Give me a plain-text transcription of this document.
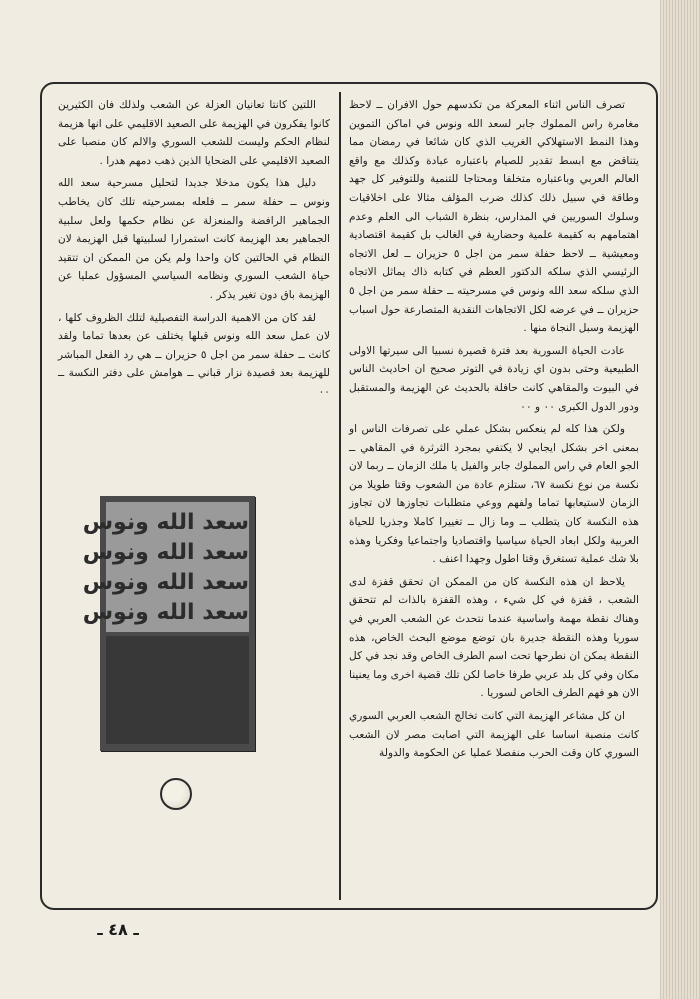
تصرف الناس اثناء المعركة من تكدسهم حول الافران ــ لاحظ مغامرة راس المملوك جابر لسعد الله ونوس في اماكن التموين وهذا النمط الاستهلاكي الغريب الذي كان شائعا في رمضان مما يتناقض مع ابسط تقدير للصيام باعتباره عبادة وكذلك مع واقع العالم العربي وباعتباره متخلفا ومحتاجا للتنمية وللتوفير كل جهد وطاقة في سبيل ذلك كذلك ضرب المؤلف مثالا على اخلاقيات وسلوك السوريين في المدارس، بنظرة الشباب الى العلم وعدم اهتمامهم به كقيمة علمية وحضارية في الغالب بل كقيمة اقتصادية ومعيشية ــ لاحظ حفلة سمر من اجل ٥ حزيران ــ لعل الاتجاه الرئيسي الذي سلكه الدكتور العظم في كتابه ذاك يماثل الاتجاه الذي سلكه سعد الله ونوس في مسرحيته ــ حفلة سمر من اجل ٥ حزيران ــ في عرضه لكل الاتجاهات النقدية المتصارعة حول اسباب الهزيمة وسبل النجاة منها .

عادت الحياة السورية بعد فترة قصيرة نسبيا الى سيرتها الاولى الطبيعية وحتى بدون اي زيادة في التوتر صحيح ان احاديث الناس في البيوت والمقاهي كانت حافلة بالحديث عن الهزيمة والمستقبل ودور الدول الكبرى ٠٠ و ٠٠

ولكن هذا كله لم ينعكس بشكل عملي على تصرفات الناس او بمعنى اخر بشكل ايجابي لا يكتفي بمجرد الثرثرة في المقاهي ــ الجو العام في راس المملوك جابر والفيل يا ملك الزمان ــ ربما لان نكسة من نوع نكسة ٦٧، ستلزم عادة من الشعوب وقتا طويلا من الزمان لاستيعابها تماما ولفهم ووعي متطلبات تجاوزها لان تجاوز هذه النكسة كان يتطلب ــ وما زال ــ تغييرا كاملا وجذريا للحياة العربية ولكل ابعاد الحياة سياسيا واقتصاديا واجتماعيا وفكريا وهذه بلا شك عملية تستغرق وقتا اطول وجهدا اعنف .

يلاحظ ان هذه النكسة كان من الممكن ان تحقق قفزة لدى الشعب ، قفزة في كل شيء ، وهذه القفزة بالذات لم تتحقق وهناك نقطة مهمة واساسية عندما نتحدث عن الشعب العربي في سوريا وهذه النقطة جديرة بان توضع موضع البحث الخاص، هذه النقطة يمكن ان نطرحها تحت اسم الطرف الخاص وقد نجد في كل مكان وفي كل بلد عربي طرفا خاصا لكن تلك قضية اخرى وما يعنينا الان هو فهم الطرف الخاص لسوريا .

ان كل مشاعر الهزيمة التي كانت تخالج الشعب العربي السوري كانت منصبة اساسا على الهزيمة التي اصابت مصر لان الشعب السوري كان وقت الحرب منفصلا عمليا عن الحكومة والدولة

اللتين كانتا تعانيان العزلة عن الشعب ولذلك فان الكثيرين كانوا يفكرون في الهزيمة على الصعيد الاقليمي على انها هزيمة لنظام الحكم وليست للشعب السوري والالم كان منصبا على الصعيد الاقليمي على الضحايا الذين ذهب دمهم هدرا .

دليل هذا يكون مدخلا جديدا لتحليل مسرحية سعد الله ونوس ــ حفلة سمر ــ فلعله بمسرحيته تلك كان يخاطب الجماهير الرافضة والمنعزلة عن نظام حكمها ولعل سلبية الجماهير بعد الهزيمة كانت استمرارا لسلبيتها قبل الهزيمة لان النظام في الحالتين كان واحدا ولم يكن من الممكن ان تتقيد حياة الشعب السوري ونظامه السياسي المسؤول عمليا عن الهزيمة باق دون تغير يذكر .

لقد كان من الاهمية الدراسة التفصيلية لتلك الظروف كلها ، لان عمل سعد الله ونوس قبلها يختلف عن بعدها تماما ولقد كانت ــ حفلة سمر من اجل ٥ حزيران ــ هي رد الفعل المباشر للهزيمة بعد قصيدة نزار قباني ــ هوامش على دفتر النكسة ــ ٠٠

سعد الله ونوس
سعد الله ونوس
سعد الله ونوس
سعد الله ونوس
ـ ٤٨ ـ
